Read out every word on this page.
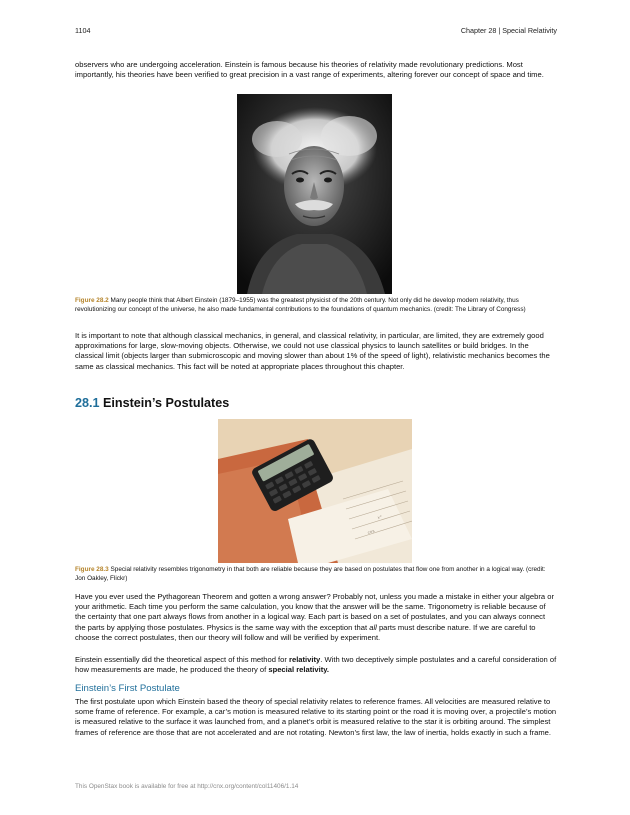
1104	Chapter 28 | Special Relativity

observers who are undergoing acceleration. Einstein is famous because his theories of relativity made revolutionary predictions. Most importantly, his theories have been verified to great precision in a vast range of experiments, altering forever our concept of space and time.

Figure 28.2 Many people think that Albert Einstein (1879–1955) was the greatest physicist of the 20th century. Not only did he develop modern relativity, thus revolutionizing our concept of the universe, he also made fundamental contributions to the foundations of quantum mechanics. (credit: The Library of Congress)

It is important to note that although classical mechanics, in general, and classical relativity, in particular, are limited, they are extremely good approximations for large, slow-moving objects. Otherwise, we could not use classical physics to launch satellites or build bridges. In the classical limit (objects larger than submicroscopic and moving slower than about 1% of the speed of light), relativistic mechanics becomes the same as classical mechanics. This fact will be noted at appropriate places throughout this chapter.

28.1 Einstein’s Postulates
cos
x²

Figure 28.3 Special relativity resembles trigonometry in that both are reliable because they are based on postulates that flow one from another in a logical way. (credit: Jon Oakley, Flickr)

Have you ever used the Pythagorean Theorem and gotten a wrong answer? Probably not, unless you made a mistake in either your algebra or your arithmetic. Each time you perform the same calculation, you know that the answer will be the same. Trigonometry is reliable because of the certainty that one part always flows from another in a logical way. Each part is based on a set of postulates, and you can always connect the parts by applying those postulates. Physics is the same way with the exception that all parts must describe nature. If we are careful to choose the correct postulates, then our theory will follow and will be verified by experiment.

Einstein essentially did the theoretical aspect of this method for relativity. With two deceptively simple postulates and a careful consideration of how measurements are made, he produced the theory of special relativity.

Einstein’s First Postulate

The first postulate upon which Einstein based the theory of special relativity relates to reference frames. All velocities are measured relative to some frame of reference. For example, a car’s motion is measured relative to its starting point or the road it is moving over, a projectile’s motion is measured relative to the surface it was launched from, and a planet’s orbit is measured relative to the star it is orbiting around. The simplest frames of reference are those that are not accelerated and are not rotating. Newton’s first law, the law of inertia, holds exactly in such a frame.

This OpenStax book is available for free at http://cnx.org/content/col11406/1.14
